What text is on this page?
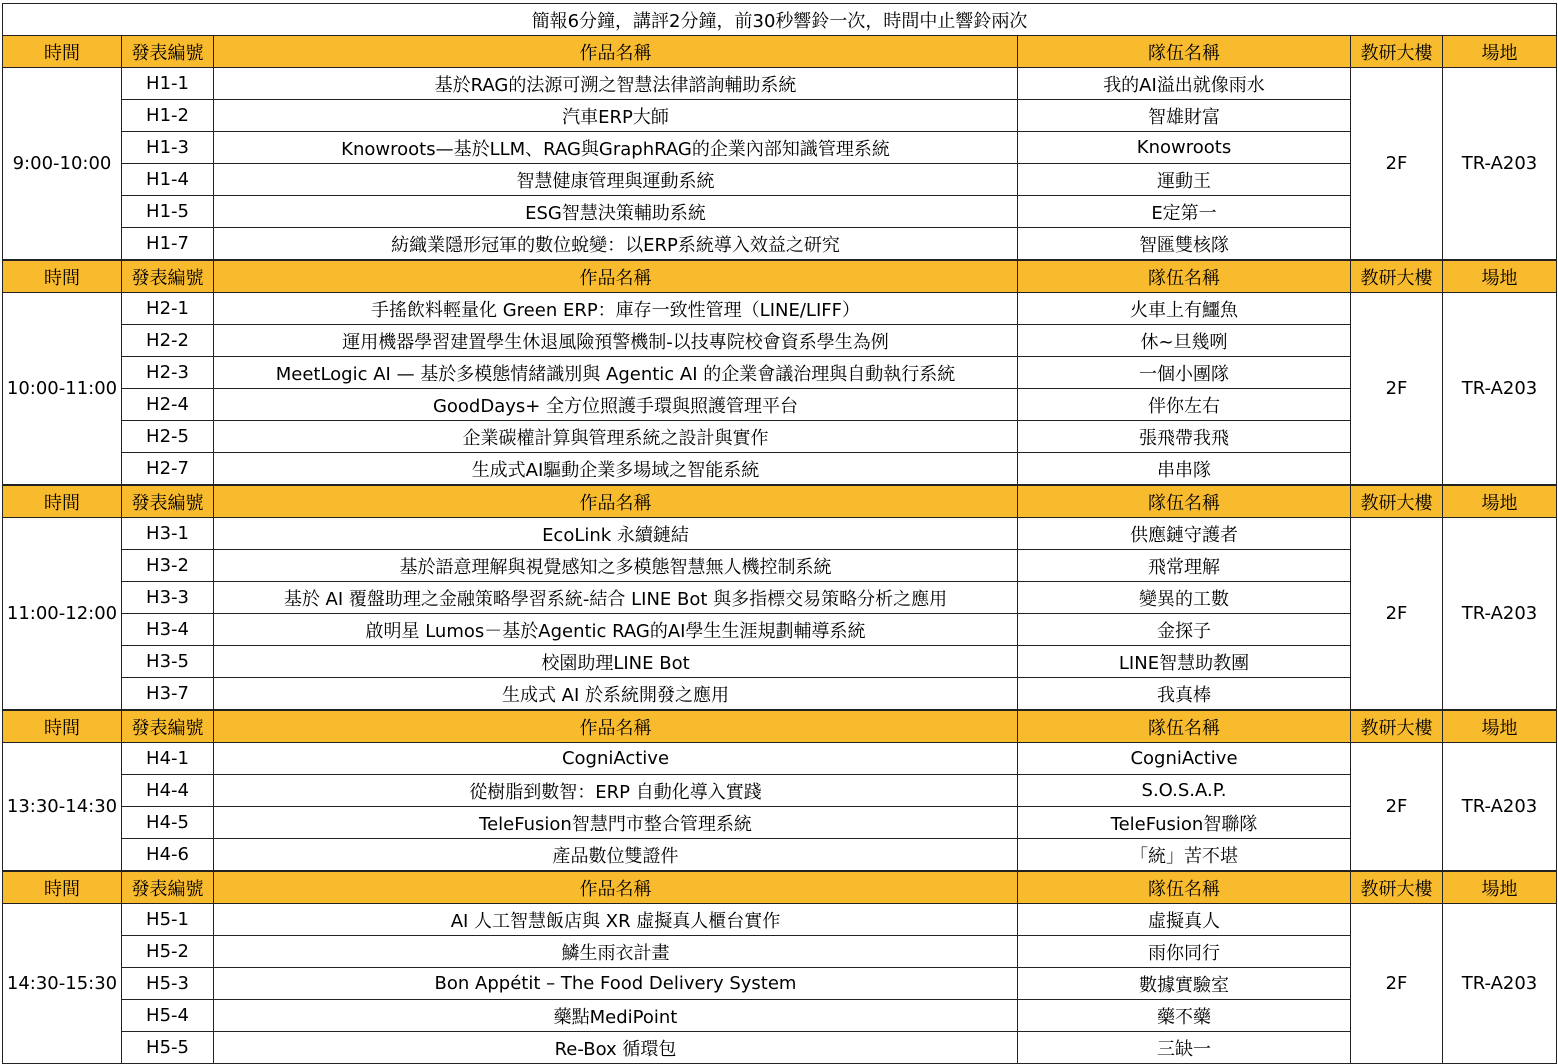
簡報6分鐘，講評2分鐘，前30秒響鈴一次，時間中止響鈴兩次					
時間	發表編號	作品名稱	隊伍名稱	教研大樓	場地
9:00-10:00	H1-1	基於RAG的法源可溯之智慧法律諮詢輔助系統	我的AI溢出就像雨水	2F	TR-A203
	H1-2	汽車ERP大師	智雄財富		
	H1-3	Knowroots—基於LLM、RAG與GraphRAG的企業內部知識管理系統	Knowroots		
	H1-4	智慧健康管理與運動系統	運動王		
	H1-5	ESG智慧決策輔助系統	E定第一		
	H1-7	紡織業隱形冠軍的數位蛻變：以ERP系統導入效益之研究	智匯雙核隊		
時間	發表編號	作品名稱	隊伍名稱	教研大樓	場地
10:00-11:00	H2-1	手搖飲料輕量化 Green ERP：庫存一致性管理（LINE/LIFF）	火車上有鱷魚	2F	TR-A203
	H2-2	運用機器學習建置學生休退風險預警機制-以技專院校會資系學生為例	休~旦幾咧		
	H2-3	MeetLogic AI — 基於多模態情緒識別與 Agentic AI 的企業會議治理與自動執行系統	一個小團隊		
	H2-4	GoodDays+ 全方位照護手環與照護管理平台	伴你左右		
	H2-5	企業碳權計算與管理系統之設計與實作	張飛帶我飛		
	H2-7	生成式AI驅動企業多場域之智能系統	串串隊		
時間	發表編號	作品名稱	隊伍名稱	教研大樓	場地
11:00-12:00	H3-1	EcoLink 永續鏈結	供應鏈守護者	2F	TR-A203
	H3-2	基於語意理解與視覺感知之多模態智慧無人機控制系統	飛常理解		
	H3-3	基於 AI 覆盤助理之金融策略學習系統-結合 LINE Bot 與多指標交易策略分析之應用	變異的工數		
	H3-4	啟明星 Lumos－基於Agentic RAG的AI學生生涯規劃輔導系統	金探子		
	H3-5	校園助理LINE Bot	LINE智慧助教團		
	H3-7	生成式 AI 於系統開發之應用	我真棒		
時間	發表編號	作品名稱	隊伍名稱	教研大樓	場地
13:30-14:30	H4-1	CogniActive	CogniActive	2F	TR-A203
	H4-4	從樹脂到數智：ERP 自動化導入實踐	S.O.S.A.P.		
	H4-5	TeleFusion智慧門市整合管理系統	TeleFusion智聯隊		
	H4-6	產品數位雙證件	「統」苦不堪		
時間	發表編號	作品名稱	隊伍名稱	教研大樓	場地
14:30-15:30	H5-1	AI 人工智慧飯店與 XR 虛擬真人櫃台實作	虛擬真人	2F	TR-A203
	H5-2	鱗生雨衣計畫	雨你同行		
	H5-3	Bon Appétit – The Food Delivery System	數據實驗室		
	H5-4	藥點MediPoint	藥不藥		
	H5-5	Re-Box 循環包	三缺一		
